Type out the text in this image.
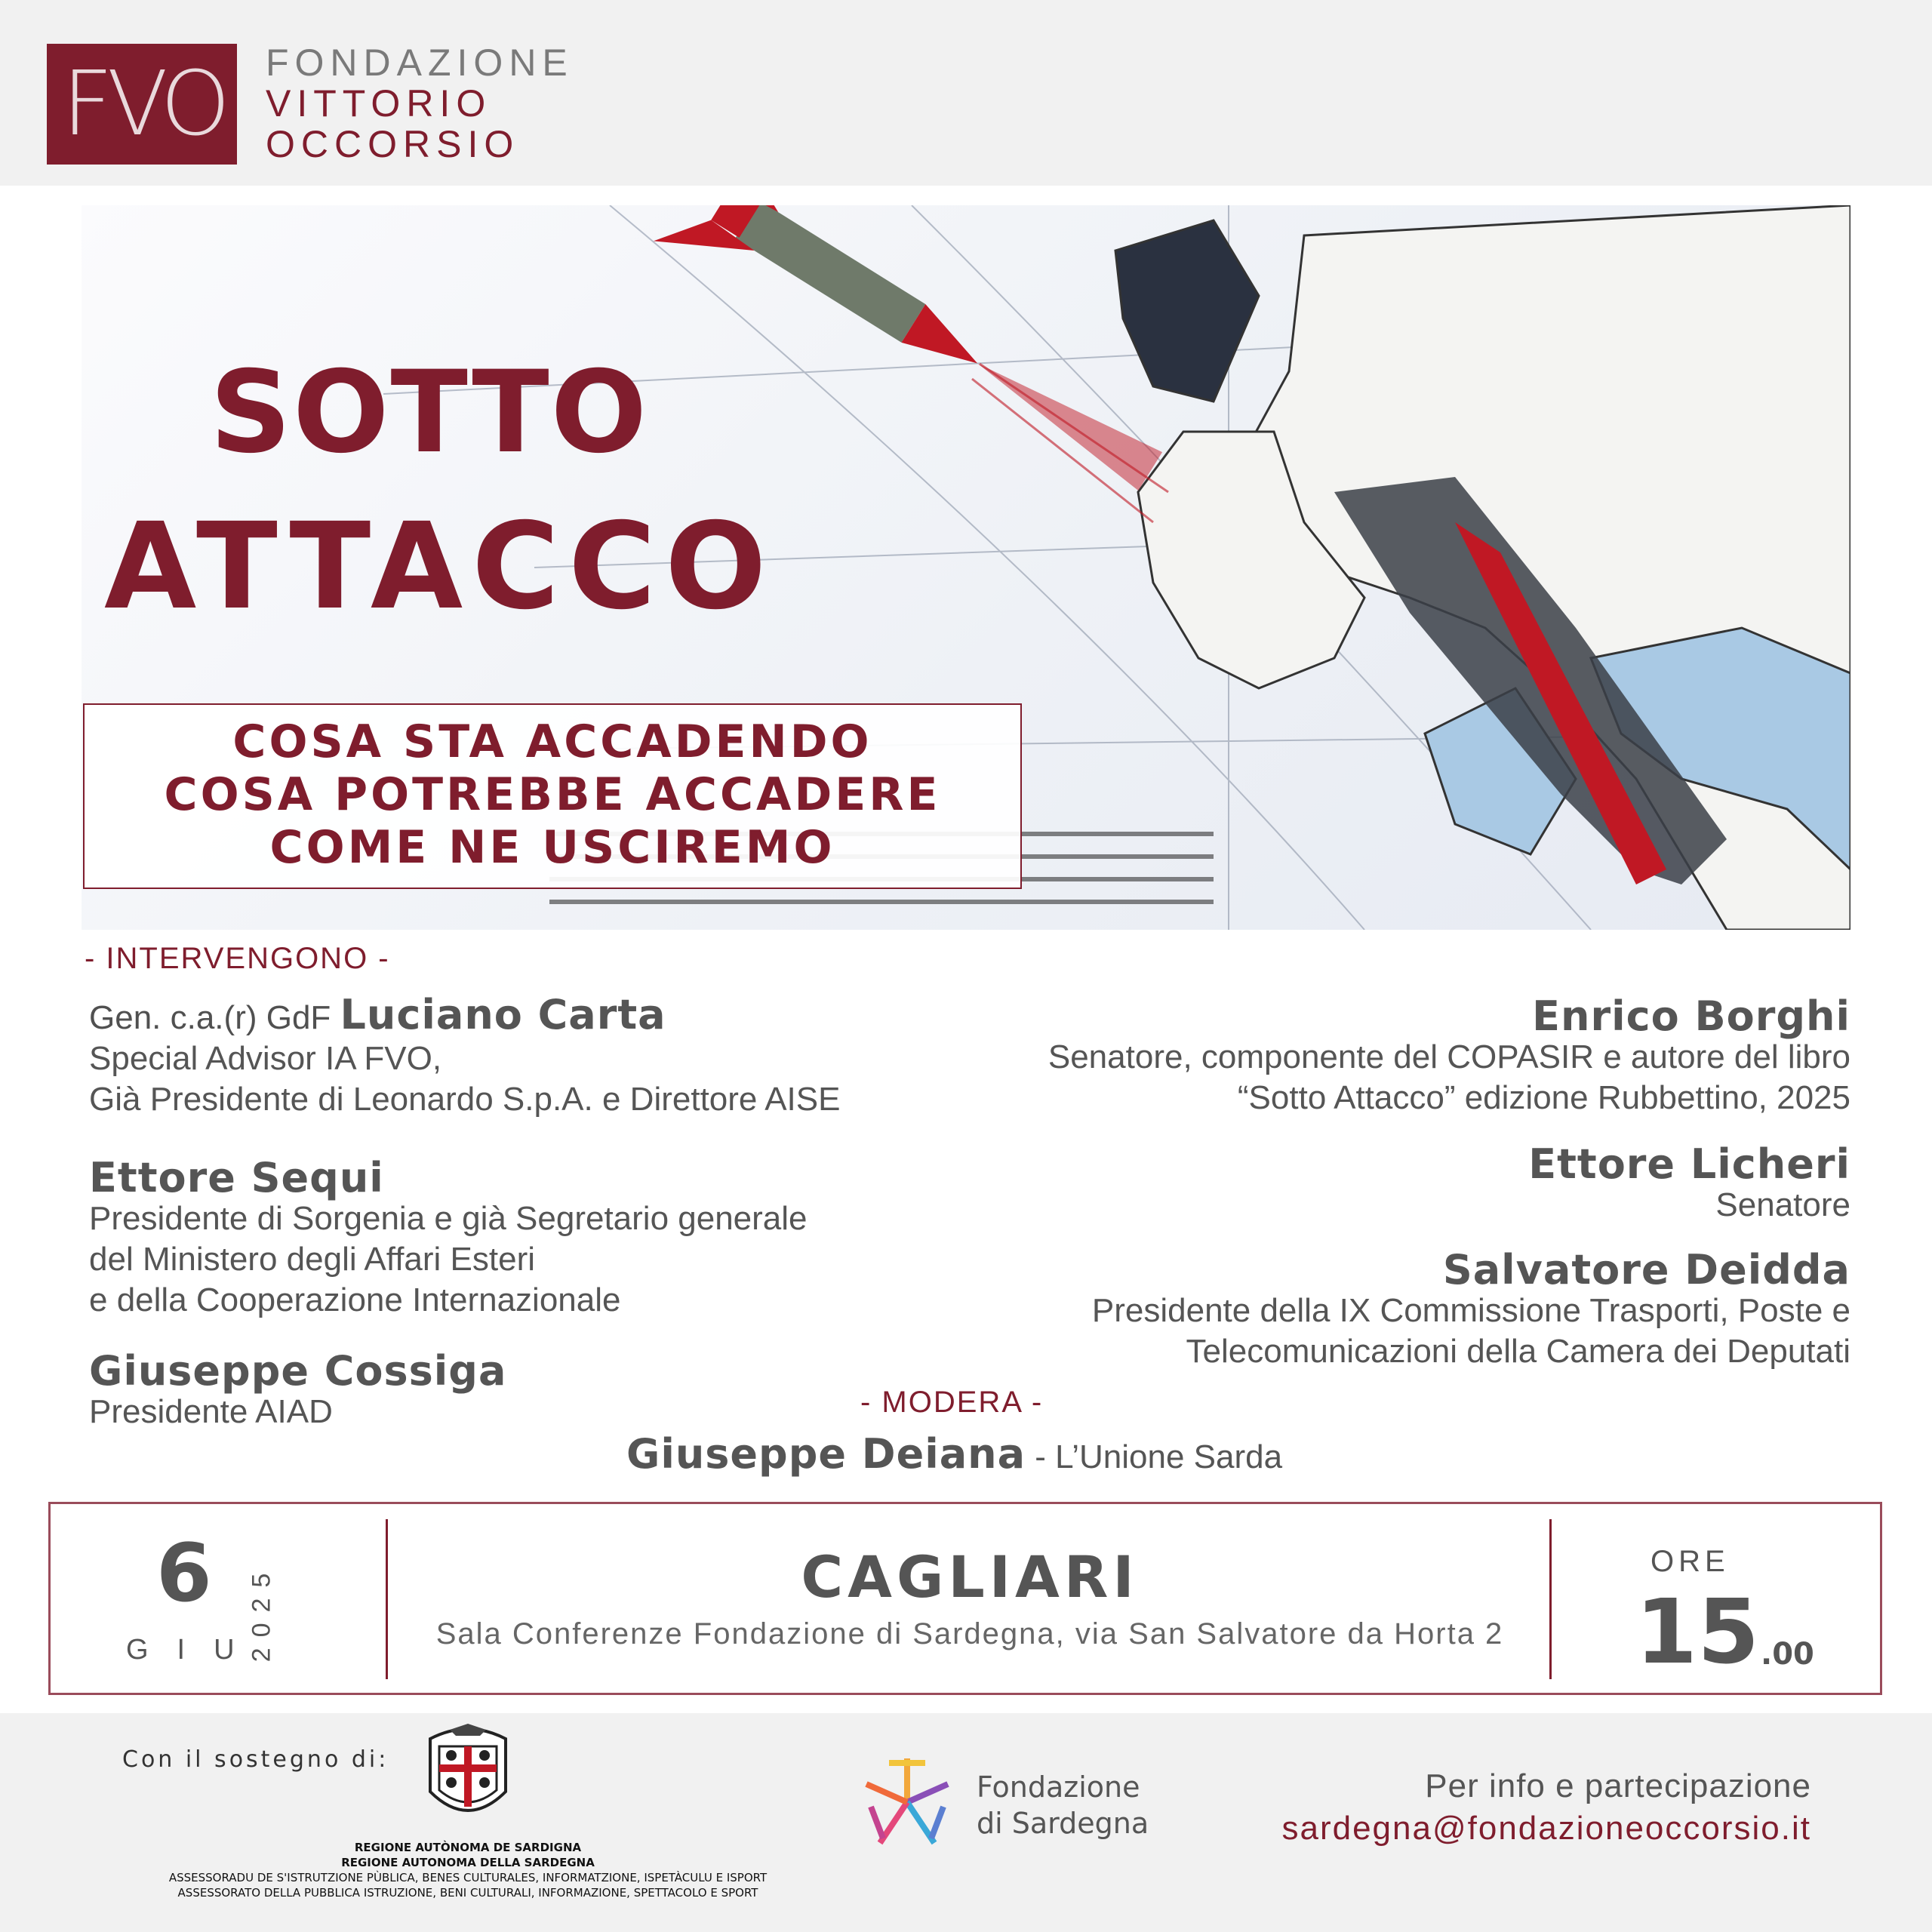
FVO FONDAZIONE
VITTORIO
OCCORSIO
SOTTO
ATTACCO
COSA STA ACCADENDO
COSA POTREBBE ACCADERE
COME NE USCIREMO
- INTERVENGONO -
Gen. c.a.(r) GdF Luciano Carta
Special Advisor IA FVO,
Già Presidente di Leonardo S.p.A. e Direttore AISE
Ettore Sequi
Presidente di Sorgenia e già Segretario generale
del Ministero degli Affari Esteri
e della Cooperazione Internazionale
Giuseppe Cossiga
Presidente AIAD
Enrico Borghi
Senatore, componente del COPASIR e autore del libro
“Sotto Attacco” edizione Rubbettino, 2025
Ettore Licheri
Senatore
Salvatore Deidda
Presidente della IX Commissione Trasporti, Poste e
Telecomunicazioni della Camera dei Deputati
- MODERA -
Giuseppe Deiana - L’Unione Sarda
6
GIU
2025	CAGLIARI
Sala Conferenze Fondazione di Sardegna, via San Salvatore da Horta 2
ORE
15 .00
Con il sostegno di:
REGIONE AUTÒNOMA DE SARDIGNA
REGIONE AUTONOMA DELLA SARDEGNA
ASSESSORADU DE S'ISTRUTZIONE PÙBLICA, BENES CULTURALES, INFORMATZIONE, ISPETÀCULU E ISPORT
ASSESSORATO DELLA PUBBLICA ISTRUZIONE, BENI CULTURALI, INFORMAZIONE, SPETTACOLO E SPORT
Fondazione
di Sardegna
Per info e partecipazione
sardegna@fondazioneoccorsio.it
